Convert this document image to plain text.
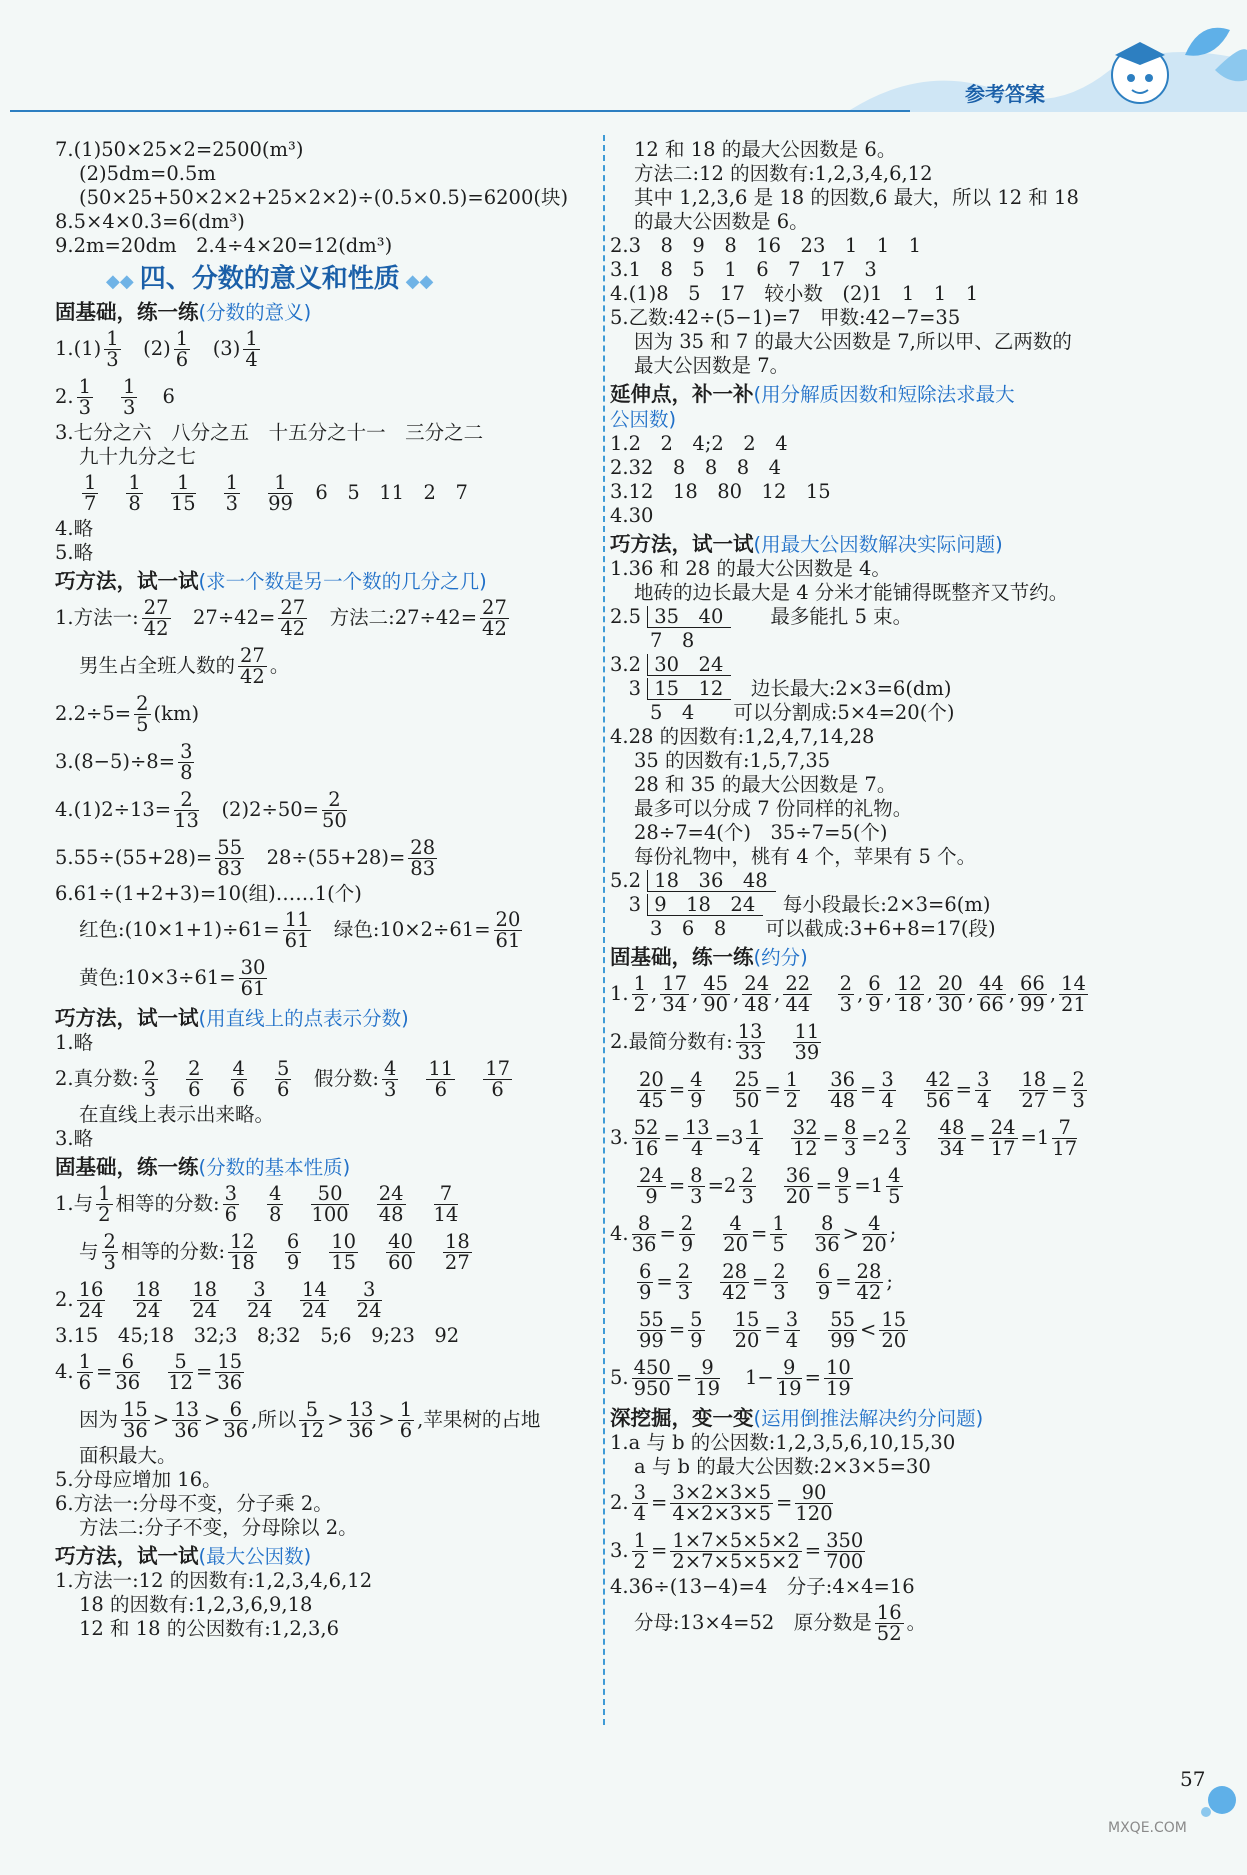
参考答案
7.(1)50×25×2=2500(m³)
(2)5dm=0.5m
(50×25+50×2×2+25×2×2)÷(0.5×0.5)=6200(块)
8.5×4×0.3=6(dm³)
9.2m=20dm　2.4÷4×20=12(dm³)
◆◆ 四、分数的意义和性质 ◆◆
固基础，练一练(分数的意义)
1.(1) 1
3 　(2) 1
6 　(3) 1
4
2. 1
3
1
3 6
3.七分之六　八分之五　十五分之十一　三分之二
九十九分之七
1
7
1
8
1
15
1
3
1
99 　6　5　11　2　7
4.略
5.略
巧方法，试一试(求一个数是另一个数的几分之几)
1.方法一: 27
42 　27÷42= 27
42 　方法二:27÷42= 27
42
男生占全班人数的 27
42 。
2.2÷5= 2
5 (km)
3.(8−5)÷8= 3
8
4.(1)2÷13= 2
13 　(2)2÷50= 2
50
5.55÷(55+28)= 55
83 　28÷(55+28)= 28
83
6.61÷(1+2+3)=10(组)……1(个)
红色:(10×1+1)÷61= 11
61 　绿色:10×2÷61= 20
61
黄色:10×3÷61= 30
61
巧方法，试一试(用直线上的点表示分数)
1.略
2.真分数: 2
3
2
6
4
6
5
6 　假分数: 4
3
11
6
17
6
在直线上表示出来略。
3.略
固基础，练一练(分数的基本性质)
1.与 1
2 相等的分数: 3
6
4
8
50
100
24
48
7
14
与 2
3 相等的分数: 12
18
6
9
10
15
40
60
18
27
2. 16
24
18
24
18
24
3
24
14
24
3
24
3.15　45;18　32;3　8;32　5;6　9;23　92
4. 1
6 = 6
36
5
12 = 15
36
因为 15
36 > 13
36 > 6
36 ,所以 5
12 > 13
36 > 1
6 ,苹果树的占地
面积最大。
5.分母应增加 16。
6.方法一:分母不变，分子乘 2。
方法二:分子不变，分母除以 2。
巧方法，试一试(最大公因数)
1.方法一:12 的因数有:1,2,3,4,6,12
18 的因数有:1,2,3,6,9,18
12 和 18 的公因数有:1,2,3,6
12 和 18 的最大公因数是 6。
方法二:12 的因数有:1,2,3,4,6,12
其中 1,2,3,6 是 18 的因数,6 最大，所以 12 和 18
的最大公因数是 6。
2.3　8　9　8　16　23　1　1　1
3.1　8　5　1　6　7　17　3
4.(1)8　5　17　较小数　(2)1　1　1　1
5.乙数:42÷(5−1)=7　甲数:42−7=35
因为 35 和 7 的最大公因数是 7,所以甲、乙两数的
最大公因数是 7。
延伸点，补一补(用分解质因数和短除法求最大
公因数)
1.2　2　4;2　2　4
2.32　8　8　8　4
3.12　18　80　12　15
4.30
巧方法，试一试(用最大公因数解决实际问题)
1.36 和 28 的最大公因数是 4。
地砖的边长最大是 4 分米才能铺得既整齐又节约。
2.5 35　40　　 最多能扎 5 束。
7　8
3.2 30　24
3 15　12　 边长最大:2×3=6(dm)
5　4　　 可以分割成:5×4=20(个)
4.28 的因数有:1,2,4,7,14,28
35 的因数有:1,5,7,35
28 和 35 的最大公因数是 7。
最多可以分成 7 份同样的礼物。
28÷7=4(个)　35÷7=5(个)
每份礼物中，桃有 4 个，苹果有 5 个。
5.2 18　36　48
3 9　18　24　 每小段最长:2×3=6(m)
3　6　8　　 可以截成:3+6+8=17(段)
固基础，练一练(约分)
1. 1
2 , 17
34 , 45
90 , 24
48 , 22
44

2
3 , 6
9 , 12
18 , 20
30 , 44
66 , 66
99 , 14
21
2.最简分数有: 13
33
11
39
20
45 = 4
9
25
50 = 1
2
36
48 = 3
4
42
56 = 3
4
18
27 = 2
3
3. 52
16 = 13
4 =3 1
4
32
12 = 8
3 =2 2
3
48
34 = 24
17 =1 7
17
24
9 = 8
3 =2 2
3
36
20 = 9
5 =1 4
5
4. 8
36 = 2
9
4
20 = 1
5
8
36 > 4
20 ;
6
9 = 2
3
28
42 = 2
3
6
9 = 28
42 ;
55
99 = 5
9
15
20 = 3
4
55
99 < 15
20
5. 450
950 = 9
19 1− 9
19 = 10
19
深挖掘，变一变(运用倒推法解决约分问题)
1.a 与 b 的公因数:1,2,3,5,6,10,15,30
a 与 b 的最大公因数:2×3×5=30
2. 3
4 = 3×2×3×5
4×2×3×5 = 90
120
3. 1
2 = 1×7×5×5×2
2×7×5×5×2 = 350
700
4.36÷(13−4)=4　分子:4×4=16
分母:13×4=52　原分数是 16
52 。
57
MXQE.COM
